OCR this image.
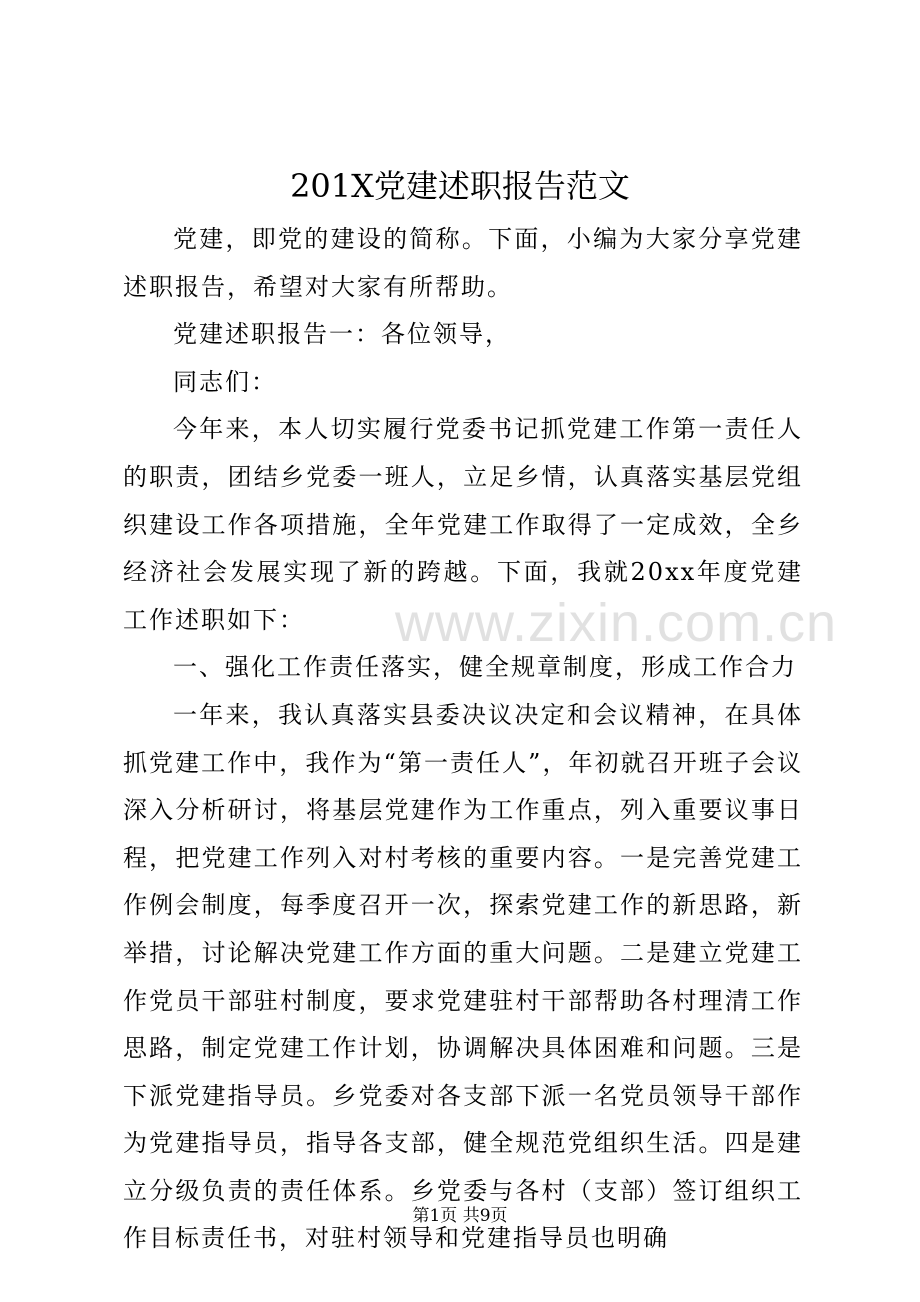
201X党建述职报告范文

党建，即党的建设的简称。下面，小编为大家分享党建述职报告，希望对大家有所帮助。

党建述职报告一：各位领导，

同志们：

今年来，本人切实履行党委书记抓党建工作第一责任人的职责，团结乡党委一班人，立足乡情，认真落实基层党组织建设工作各项措施，全年党建工作取得了一定成效，全乡经济社会发展实现了新的跨越。下面，我就20xx年度党建工作述职如下：

一、强化工作责任落实，健全规章制度，形成工作合力

一年来，我认真落实县委决议决定和会议精神，在具体抓党建工作中，我作为“第一责任人”，年初就召开班子会议深入分析研讨，将基层党建作为工作重点，列入重要议事日程，把党建工作列入对村考核的重要内容。一是完善党建工作例会制度，每季度召开一次，探索党建工作的新思路，新举措，讨论解决党建工作方面的重大问题。二是建立党建工作党员干部驻村制度，要求党建驻村干部帮助各村理清工作思路，制定党建工作计划，协调解决具体困难和问题。三是下派党建指导员。乡党委对各支部下派一名党员领导干部作为党建指导员，指导各支部，健全规范党组织生活。四是建立分级负责的责任体系。乡党委与各村（支部）签订组织工作目标责任书，对驻村领导和党建指导员也明确

www.zixin.com.cn
第1页 共9页
